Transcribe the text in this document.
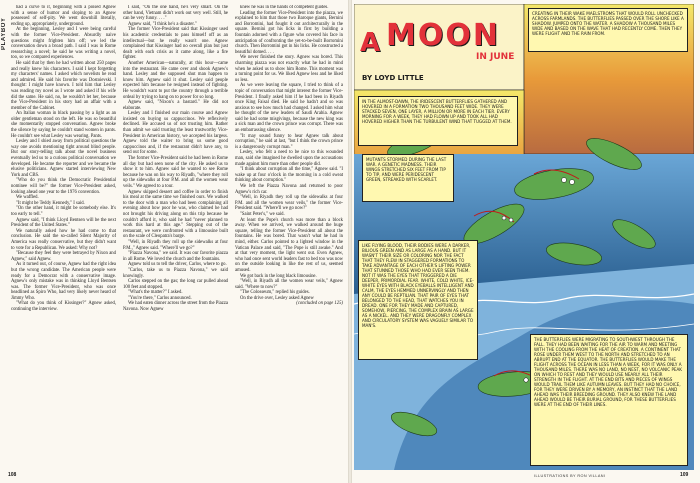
PLAYBOY

had a curve to it, beginning with a poised Agnew with a sense of humor and sloping to an Agnew possessed of self-pity. We went downhill literally, ending up, appropriately, underground.

At the beginning, Lesley and I were being careful with the former Vice-President. Absurdly naive questions might frighten him off; we led the conversation down a broad path. I said I was in Rome researching a novel; he said he was writing a novel, too, so we compared experiences.

He said that by then he had written about 250 pages and really knew his characters. I said I kept forgetting my characters' names. I asked which novelists he read and admired. He said his favorite was Dostoievski. I thought: I might have known. I told him that Lesley was reading my novel as I wrote and asked if his wife did the same. He said, no, he wouldn't let her, because the Vice-President in his story had an affair with a member of the Cabinet.

An Italian woman in black passing by a light as an older gentleman stood on the left. He was so beautiful she momentarily stopped conversation. Agnew broke the silence by saying he couldn't stand women in pants. He couldn't see what Lesley was wearing. Pants.

Lesley and I shied away from political questions the way one avoids mentioning tight around blind people. But our story-telling talk about the novel business eventually led us to a curious political conversation we developed. He became the reporter and we became the elusive politicians. Agnew started interviewing New York and CBS.

"Who do you think the Democratic Presidential nominee will be?" the former Vice-President asked, looking ahead one year to the 1976 convention.

We waffled.

"It might be Teddy Kennedy," I said.

"On the other hand, it might be somebody else. It's too early to tell."

Agnew said, "I think Lloyd Bentsen will be the next President of the United States."

We naturally asked how he had come to that conclusion. He said the so-called Silent Majority of America was really conservative, but they didn't want to vote for a Republican. We asked: Why not?

"Because they feel they were betrayed by Nixon and Agnew," said Agnew.

As it turned out, of course, Agnew had the right idea but the wrong candidate. The American people were ready for a Democrat with a conservative image. Agnew's only mistake was in thinking Lloyd Bentsen was. The former Vice-President, who was once headlined as Spiro Who, had very likely never heard of Jimmy Who.

"What do you think of Kissinger?" Agnew asked, continuing the interview.

I said, "On the one hand, he's very smart. On the other hand, Vietnam didn't work out very well. Still, he can be very funny. . . ."

Agnew said, "I think he's a disaster."

The former Vice-President said that Kissinger used his academic credentials to pass himself off as an intellectual—but he really wasn't one. Agnew complained that Kissinger had no overall plan but just dealt with each crisis as it came along, like a fire fighter.

Another American—naturally, at this hour—came into the restaurant. He came over and shook Agnew's hand. Lesley and the supposed shut man happen to know him. Agnew said it shut. Lesley said people expected him because he resigned instead of fighting. He wouldn't want to put the country through a terrible ordeal by trying to hang on to power for so long.

Agnew said, "Nixon's a bastard." He did not elaborate.

Lesley and I finished our main course and Agnew insisted on buying us cappuccinos. We reflexively declined. He accused us of not trusting him. Rather than admit we said trusting the least trustworthy Vice-President in American history, we accepted his largess. Agnew told the waiter to bring us some good cappuccinos and, if the restaurant didn't have any, to send out for some.

The former Vice-President said he had been in Rome all day but had seen none of the city. He asked us to show it to him. Agnew said he wanted to see Rome because he was on his way to Riyadh, "where they roll up the sidewalks at four P.M. and all the women wear veils." We agreed to a tour.

Agnew skipped dessert and coffee in order to finish his meal at the same time we finished ours. We walked to the door with a man who had been complaining all evening about how poor he was, who claimed he had not brought his driving along on this trip because he couldn't afford it, who said he had "never planned to work this hard at this age." Stepping out of the restaurant, we were confronted with a limousine built on the scale of Cleopatra's barge.

"Well, in Riyadh they roll up the sidewalks at four P.M.," Agnew said. "Where'll we go?"

"Piazza Navona," we said. It was our favorite piazza in all Rome. We loved the church and the fountains.

Agnew told us to tell the driver, Carlos, where to go.

"Carlos, take us to Piazza Navona," we said knowingly.

Carlos stepped on the gas; the long car pulled ahead 100 feet and stopped.

"What's the matter?" I asked.

"You're there," Carlos announced.

We had eaten dinner across the street from the Piazza Navona. Now Agnew

knew he was in the hands of competent guides.

Leading the former Vice-President into the piazza, we explained to him that those two Baroque giants, Bernini and Borromini, had fought it out architecturally in the square. Bernini got his licks in first by building a fountain adorned with a figure who covered his face in anticipation of confronting the yet-to-be-built Borromini church. Then Borromini got in his licks. He constructed a beautiful domed. . . .

We never finished the story. Agnew was bored. This charming piazza was not exactly what he had in mind when he asked us to show him Rome. This moment was a turning point for us. We liked Agnew less and he liked us less.

As we were leaving the square, I tried to think of a topic of conversation that might interest the former Vice-President. I finally asked him if he had been in Riyadh once King Faisal died. He said he hadn't and so was anxious to see how much had changed. I asked him what he thought of the new leaders of Saudi Arabia. Agnew said he had some misgivings, because the new king was a sick man and the crown prince was corrupt. There was an embarrassing silence.

"It may sound funny to hear Agnew talk about corruption," he said at last, "but I think the crown prince is a dangerously corrupt man."

Lesley, who felt a need to be nice to this wounded man, said she imagined he dwelled upon the accusations made against him more than other people did.

"I think about corruption all the time," Agnew said. "I wake up at four o'clock in the morning in a cold sweat thinking about corruption."

We left the Piazza Navona and returned to poor Agnew's rich car.

"Well, in Riyadh they roll up the sidewalks at four P.M. and all the women wear veils," the former Vice-President said. "Where'll we go now?"

"Saint Peter's," we said.

At least the Pope's church was more than a block away. When we arrived, we walked around the huge square, telling the former Vice-President all about the fountains. He was bored. That wasn't what he had in mind, either. Carlos pointed to a lighted window in the Vatican Palace and said, "The Pope is still awake." And at that very moment, the light went out. Even Agnew, who had once sent world leaders fast to bed too was now on the outside looking in like the rest of us, seemed amused.

We got back in the long black limousine.

"Well, in Riyadh all the women wear veils," Agnew said. "Where to now?"

"The Colosseum," replied his guides.

On the drive over, Lesley asked Agnew

(concluded on page 125)

108
A MOON
IN JUNE
BY LOYD LITTLE
IN THE ALMOST-DAWN, THE IRIDESCENT BUTTERFLIES GATHERED AND HOVERED IN A FORMATION TWO THOUSAND FEET WIDE. THEY WERE STACKED SEVEN, ONE LAYER, A MILLION OR MORE IN EACH TIER. EVERY MORNING FOR A WEEK, THEY HAD FLOWN UP AND TOOK ALL HAD HOVERED HIGHER THAN THE TURBULENT WIND THAT TUGGED AT THEM.
CREATING IN THEIR WAKE MAELSTROMS THAT WOULD ROLL UNCHECKED ACROSS FARMLANDS. THE BUTTERFLIES PASSED OVER THE SHORE LIKE A SHADOW. JUMPED ONTO THE WATER. A SHADOW A THOUSAND MILES WIDE AND BASED ON THE WAVE THAT HAD RECENTLY COME. THEN THEY WERE FLIGHT AND THE RAIN FROM.
MUTANTS STORMED DURING THE LAST WAR. A GENETIC MADNESS. THEIR WINGS STRETCHED SIX FEET FROM TIP TO TIP, AND WERE PERIDESCENT GREEN, STREAKED WITH SCARLET.
LIKE FLYING BLOOD, THEIR BODIES WERE A DARKER, BILIOUS GREEN AND AS LARGE AS A HAND. BUT IT WASN'T THEIR SIZE OR COLORING NOR THE FACT THAT THEY FLEW IN STAGGERED FORMATIONS TO TAKE ADVANTAGE OF EACH OTHER'S LIFTING POWER THAT STUNNED THOSE WHO HAD EVER SEEN THEM. NOT IT WAS THE EYES THAT TRIGGERED A DIE DEEPER, PRIMORDIAL FEAR. WHITE, COLD WHITE, ICE-WHITE EYES WITH BLACK EYEBALLS INTELLIGENT AND CALM, THE EYES HEMMED UNNERVINGLY AND THEN ANY COULD BE REPTILIAN. THAT PAIR OF EYES THAT BELONGED TO THE HEAD, THAT WATCHES YOU IN DREAD. ONE FOR THEY MADE AND CAPTURED, SOMEHOW, PIERCING, THE COMPLEX BRAIN AS LARGE AS A NICKEL. AND THEY WERE DRAGONFLY COMPLEX AND CIRCULATORY SYSTEM WAS VAGUELY SIMILAR TO MAN'S.
THE BUTTERFLIES WERE MIGRATING TO SOUTHWEST THROUGH THE FALL. THEY HAD BEEN WAITING FOR THE AIR TO WARM AND MEETING WITH THE COOLING FROM THE HEAT OF CREATION. A CONTINENT THAT ROSE UNDER THEM WEST TO THE NORTH AND STRETCHED TO AN ABRUPT END AT THE EQUATOR. THE BUTTERFLIES WOULD MAKE THE FLIGHT ACROSS THE OCEAN IN LESS THAN A WEEK, FOR IT WAS ONLY A THOUSAND MILES. THERE WAS NO LAND, NO NEST, NO VOLCANIC PEAK ON WHICH TO REST AND THEY WOULD USE NEARLY ALL THEIR STRENGTH IN THE FLIGHT. AT THE END BITS AND PIECES OF WINGS WOULD TRAIL THEM LIKE AUTUMN LEAVES. BUT THEY HAD NO CHOICE, FOR THEY WERE DRIVEN BY A MEMORY, AN INSTINCT THAT THE LAND AHEAD WAS THEIR BREEDING GROUND. THEY ALSO KNEW THE LAND AHEAD WOULD BE THEIR BURIAL GROUND, FOR THESE BUTTERFLIES WERE AT THE END OF THEIR LINES.
ILLUSTRATIONS BY RON VILLANI	109
